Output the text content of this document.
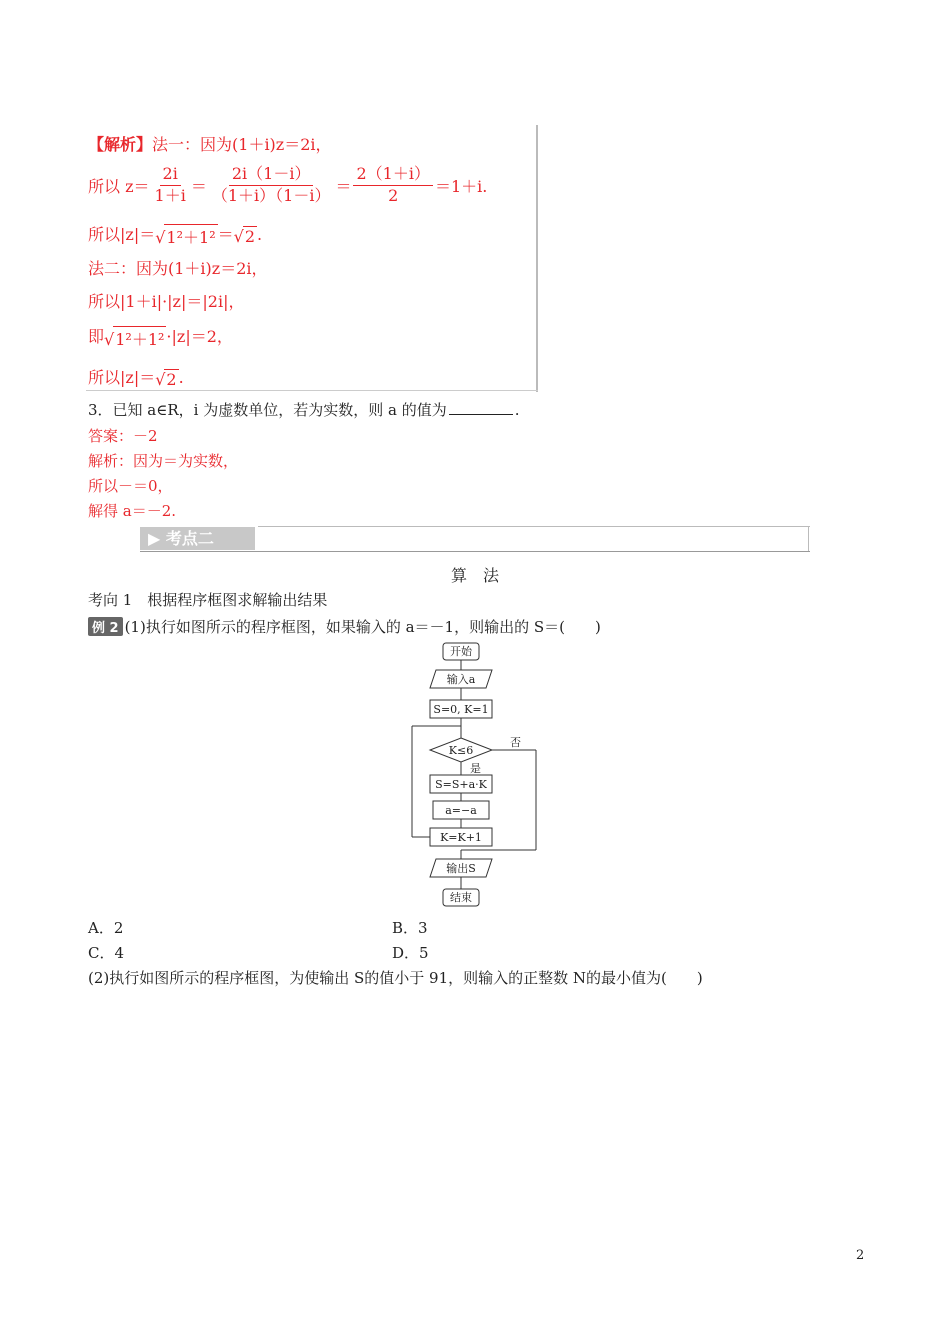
【解析】法一：因为(1＋i)z＝2i，
所以 $z= \frac{2i}{1+i} = \frac{2i(1-i)}{(1+i)(1-i)} = \frac{2(1+i)}{2} =1+i$.
所以|z|＝√1²＋1² ＝√2 .
法二：因为(1＋i)z＝2i，
所以|1＋i|·|z|＝|2i|，
即√1²＋1² ·|z|＝2，
所以|z|＝√2 .
3．已知 a∈R，i 为虚数单位，若为实数，则 a 的值为	.
答案：－2
解析：因为＝为实数，
所以－＝0，
解得 a＝－2.
▶ 考点二
算　法
考向 1　根据程序框图求解输出结果
例 2 (1)执行如图所示的程序框图，如果输入的 a＝－1，则输出的 S＝(　　)
开始
输入a
S=0, K=1
K≤6
否
是
S=S+a·K
a=−a
K=K+1
输出S
结束
A．2	B．3
C．4	D．5
(2)执行如图所示的程序框图，为使输出 S的值小于 91，则输入的正整数 N的最小值为(　　)
2
